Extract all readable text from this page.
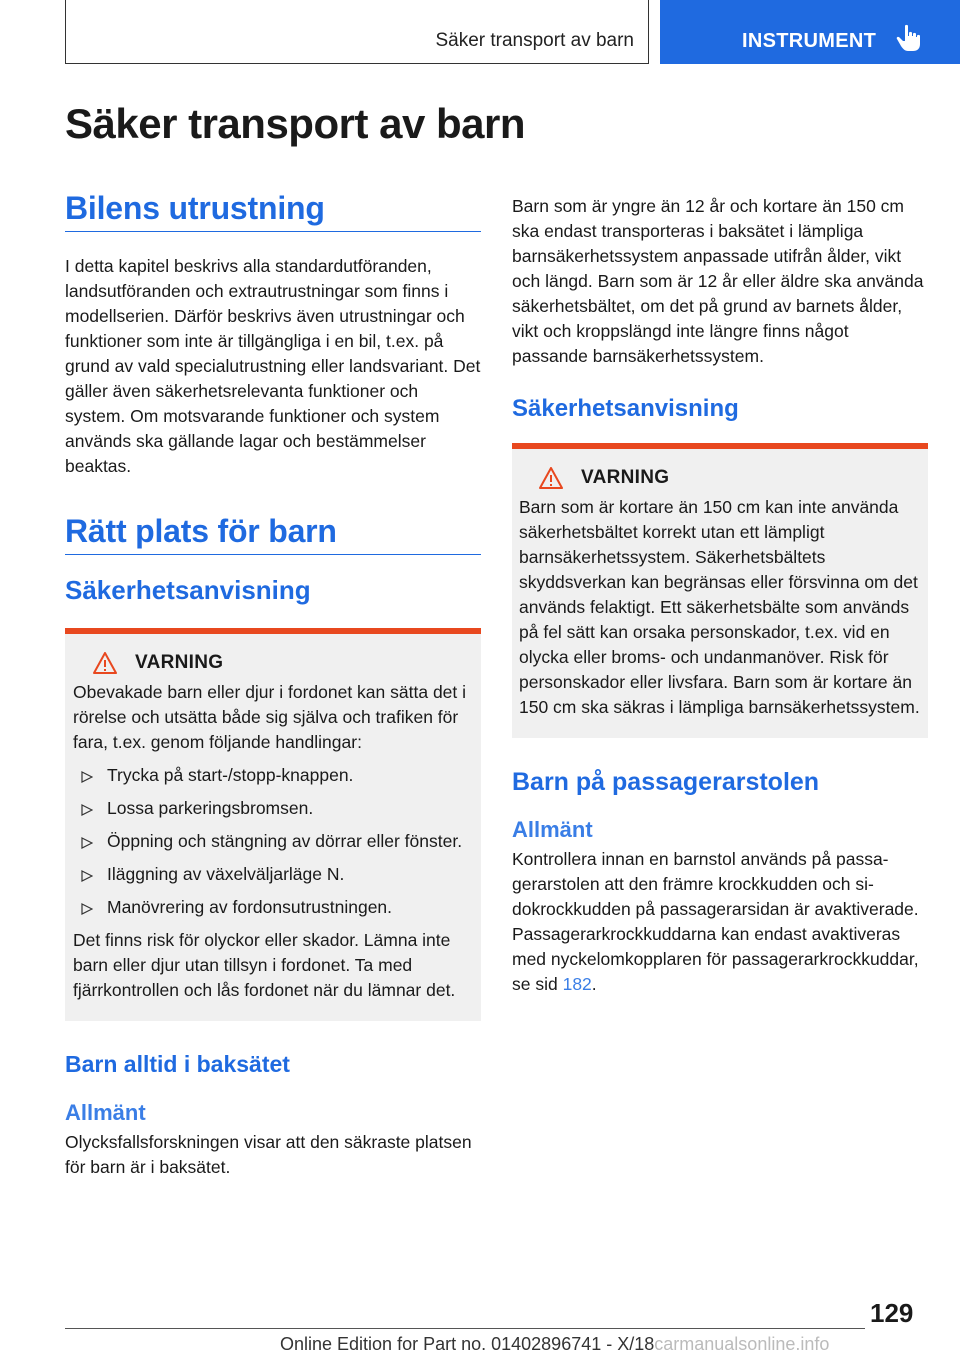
Säker transport av barn	INSTRUMENT
Säker transport av barn
Bilens utrustning

I detta kapitel beskrivs alla standardutföranden, landsutföranden och extrautrustningar som finns i modellserien. Därför beskrivs även utrustningar och funktioner som inte är tillgängliga i en bil, t.ex. på grund av vald specialutrustning eller landsvariant. Det gäller även säkerhetsrelevanta funktioner och system. Om motsvarande funktioner och system används ska gällande lagar och bestämmelser beaktas.

Rätt plats för barn
Säkerhetsanvisning
VARNING

Obevakade barn eller djur i fordonet kan sätta det i rörelse och utsätta både sig själva och trafiken för fara, t.ex. genom följande handlingar:

Trycka på start-/stopp-knappen.
Lossa parkeringsbromsen.
Öppning och stängning av dörrar eller fönster.
Iläggning av växelväljarläge N.
Manövrering av fordonsutrustningen.

Det finns risk för olyckor eller skador. Lämna inte barn eller djur utan tillsyn i fordonet. Ta med fjärrkontrollen och lås fordonet när du lämnar det.

Barn alltid i baksätet
Allmänt

Olycksfallsforskningen visar att den säkraste platsen för barn är i baksätet.

Barn som är yngre än 12 år och kortare än 150 cm ska endast transporteras i baksätet i lämpliga barnsäkerhetssystem anpassade utifrån ålder, vikt och längd. Barn som är 12 år eller äldre ska använda säkerhetsbältet, om det på grund av barnets ålder, vikt och kroppslängd inte längre finns något passande barnsäkerhetssystem.

Säkerhetsanvisning
VARNING

Barn som är kortare än 150 cm kan inte använda säkerhetsbältet korrekt utan ett lämpligt barnsäkerhetssystem. Säkerhetsbältets skyddsverkan kan begränsas eller försvinna om det används felaktigt. Ett säkerhetsbälte som används på fel sätt kan orsaka personskador, t.ex. vid en olycka eller broms- och undanmanöver. Risk för personskador eller livsfara. Barn som är kortare än 150 cm ska säkras i lämpliga barnsäkerhetssystem.

Barn på passagerarstolen
Allmänt

Kontrollera innan en barnstol används på passagerarstolen att den främre krockkudden och sidokrockkudden på passagerarsidan är avaktiverade. Passagerarkrockkuddarna kan endast avaktiveras med nyckelomkopplaren för passagerarkrockkuddar, se sid 182.

129
Online Edition for Part no. 01402896741 - X/18carmanualsonline.info
